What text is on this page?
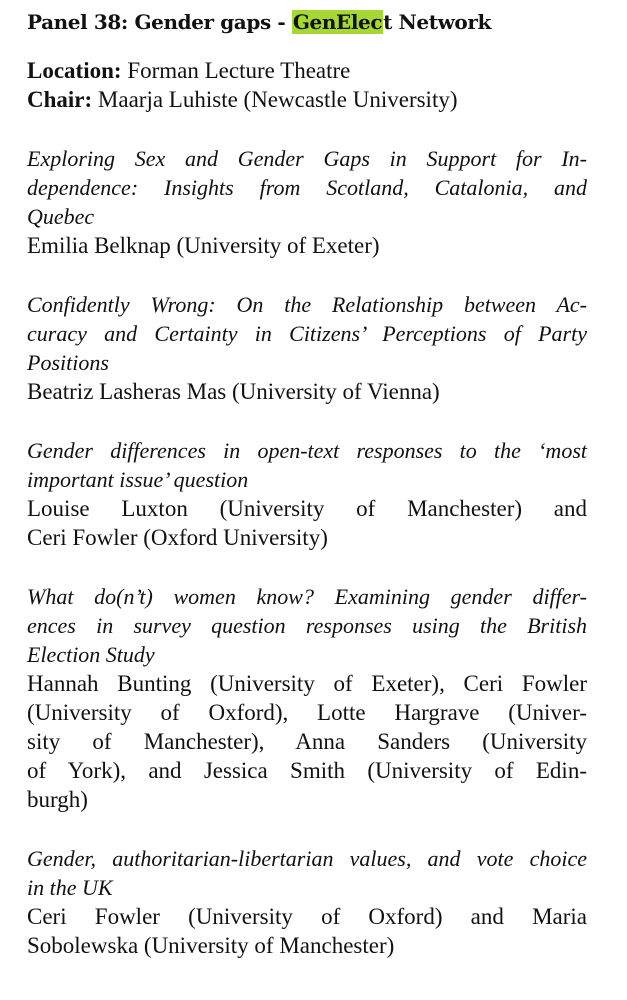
Panel 38: Gender gaps - GenElect Network
Location: Forman Lecture Theatre
Chair: Maarja Luhiste (Newcastle University)
Exploring Sex and Gender Gaps in Support for In-
dependence: Insights from Scotland, Catalonia, and
Quebec
Emilia Belknap (University of Exeter)
Confidently Wrong: On the Relationship between Ac-
curacy and Certainty in Citizens’ Perceptions of Party
Positions
Beatriz Lasheras Mas (University of Vienna)
Gender differences in open-text responses to the ‘most
important issue’ question
Louise Luxton (University of Manchester) and
Ceri Fowler (Oxford University)
What do(n’t) women know? Examining gender differ-
ences in survey question responses using the British
Election Study
Hannah Bunting (University of Exeter), Ceri Fowler
(University of Oxford), Lotte Hargrave (Univer-
sity of Manchester), Anna Sanders (University
of York), and Jessica Smith (University of Edin-
burgh)
Gender, authoritarian-libertarian values, and vote choice
in the UK
Ceri Fowler (University of Oxford) and Maria
Sobolewska (University of Manchester)
